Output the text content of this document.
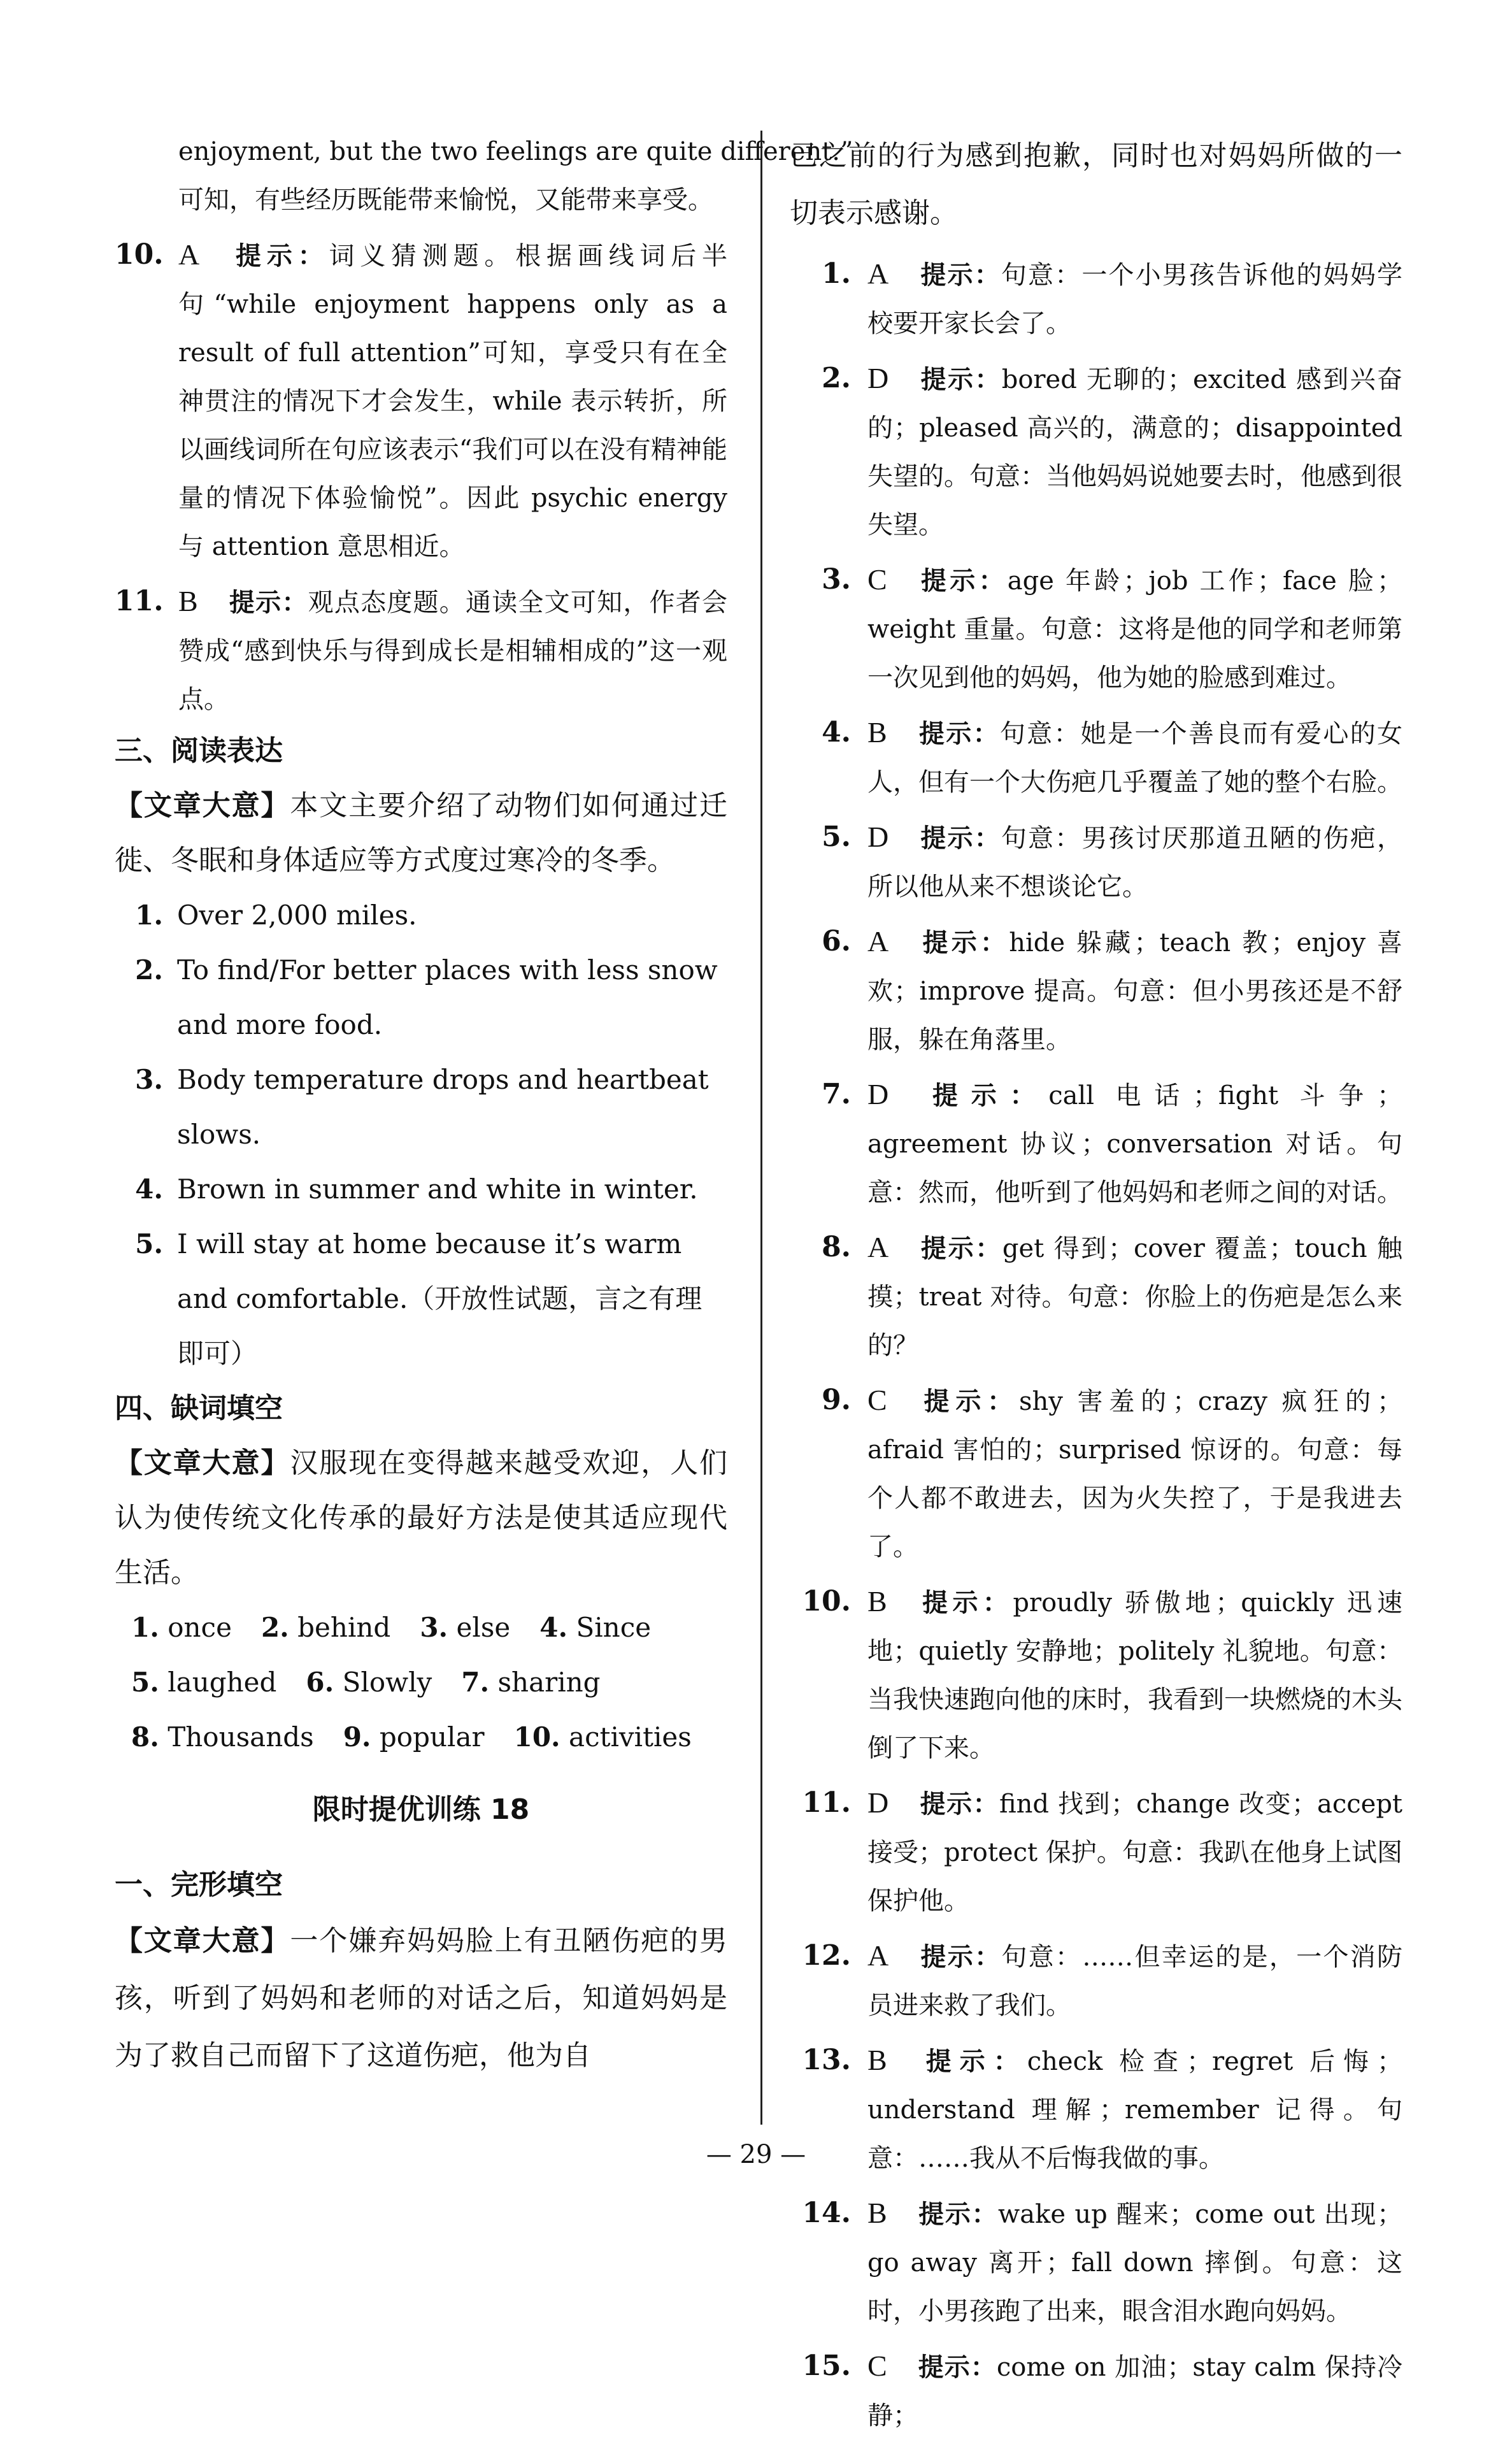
enjoyment, but the two feelings are quite different.”
可知，有些经历既能带来愉悦，又能带来享受。
10. A 提示：词义猜测题。根据画线词后半句“while enjoyment happens only as a result of full attention”可知，享受只有在全神贯注的情况下才会发生，while 表示转折，所以画线词所在句应该表示“我们可以在没有精神能量的情况下体验愉悦”。因此 psychic energy 与 attention 意思相近。
11. B 提示：观点态度题。通读全文可知，作者会赞成“感到快乐与得到成长是相辅相成的”这一观点。
三、阅读表达
【文章大意】本文主要介绍了动物们如何通过迁徙、冬眠和身体适应等方式度过寒冷的冬季。
1. Over 2,000 miles.
2. To find/For better places with less snow and more food.
3. Body temperature drops and heartbeat slows.
4. Brown in summer and white in winter.
5. I will stay at home because it’s warm and comfortable.（开放性试题，言之有理即可）
四、缺词填空
【文章大意】汉服现在变得越来越受欢迎，人们认为使传统文化传承的最好方法是使其适应现代生活。
1. once 2. behind 3. else 4. Since
5. laughed 6. Slowly 7. sharing
8. Thousands 9. popular 10. activities
限时提优训练 18
一、完形填空
【文章大意】一个嫌弃妈妈脸上有丑陋伤疤的男孩，听到了妈妈和老师的对话之后，知道妈妈是为了救自己而留下了这道伤疤，他为自
己之前的行为感到抱歉，同时也对妈妈所做的一切表示感谢。
1. A 提示：句意：一个小男孩告诉他的妈妈学校要开家长会了。
2. D 提示：bored 无聊的；excited 感到兴奋的；pleased 高兴的，满意的；disappointed 失望的。句意：当他妈妈说她要去时，他感到很失望。
3. C 提示：age 年龄；job 工作；face 脸；weight 重量。句意：这将是他的同学和老师第一次见到他的妈妈，他为她的脸感到难过。
4. B 提示：句意：她是一个善良而有爱心的女人，但有一个大伤疤几乎覆盖了她的整个右脸。
5. D 提示：句意：男孩讨厌那道丑陋的伤疤，所以他从来不想谈论它。
6. A 提示：hide 躲藏；teach 教；enjoy 喜欢；improve 提高。句意：但小男孩还是不舒服，躲在角落里。
7. D 提示：call 电话；fight 斗争；agreement 协议；conversation 对话。句意：然而，他听到了他妈妈和老师之间的对话。
8. A 提示：get 得到；cover 覆盖；touch 触摸；treat 对待。句意：你脸上的伤疤是怎么来的？
9. C 提示：shy 害羞的；crazy 疯狂的；afraid 害怕的；surprised 惊讶的。句意：每个人都不敢进去，因为火失控了，于是我进去了。
10. B 提示：proudly 骄傲地；quickly 迅速地；quietly 安静地；politely 礼貌地。句意：当我快速跑向他的床时，我看到一块燃烧的木头倒了下来。
11. D 提示：find 找到；change 改变；accept 接受；protect 保护。句意：我趴在他身上试图保护他。
12. A 提示：句意：……但幸运的是，一个消防员进来救了我们。
13. B 提示：check 检查；regret 后悔；understand 理解；remember 记得。句意：……我从不后悔我做的事。
14. B 提示：wake up 醒来；come out 出现；go away 离开；fall down 摔倒。句意：这时，小男孩跑了出来，眼含泪水跑向妈妈。
15. C 提示：come on 加油；stay calm 保持冷静；
— 29 —
